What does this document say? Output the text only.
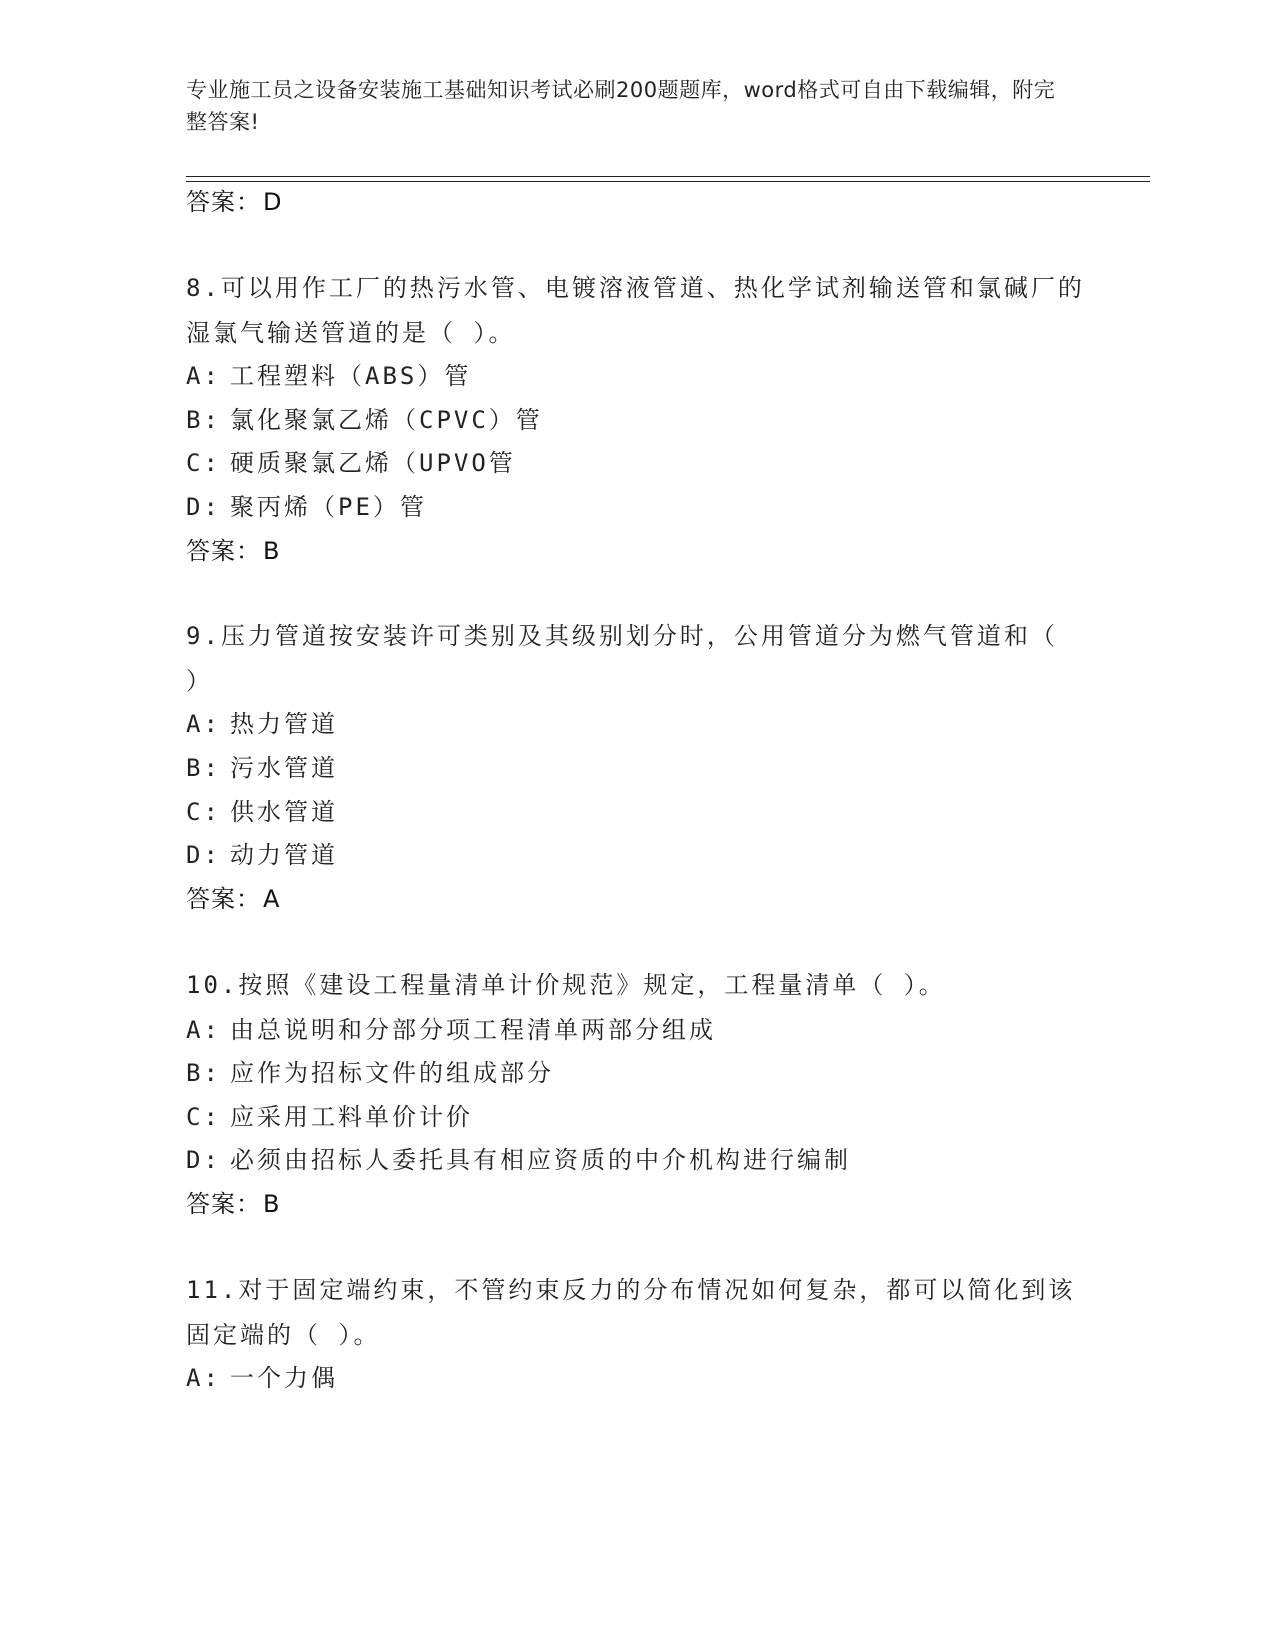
专业施工员之设备安装施工基础知识考试必刷200题题库，word格式可自由下载编辑，附完整答案!
答案：D
8.可以用作工厂的热污水管、电镀溶液管道、热化学试剂输送管和氯碱厂的湿氯气输送管道的是（ ）。
A: 工程塑料（ABS）管
B: 氯化聚氯乙烯（CPVC）管
C: 硬质聚氯乙烯（UPVO管
D: 聚丙烯（PE）管
答案：B
9.压力管道按安装许可类别及其级别划分时，公用管道分为燃气管道和（ ）
A: 热力管道
B: 污水管道
C: 供水管道
D: 动力管道
答案：A
10.按照《建设工程量清单计价规范》规定，工程量清单（ ）。
A: 由总说明和分部分项工程清单两部分组成
B: 应作为招标文件的组成部分
C: 应采用工料单价计价
D: 必须由招标人委托具有相应资质的中介机构进行编制
答案：B
11.对于固定端约束，不管约束反力的分布情况如何复杂，都可以简化到该固定端的（ ）。
A: 一个力偶
